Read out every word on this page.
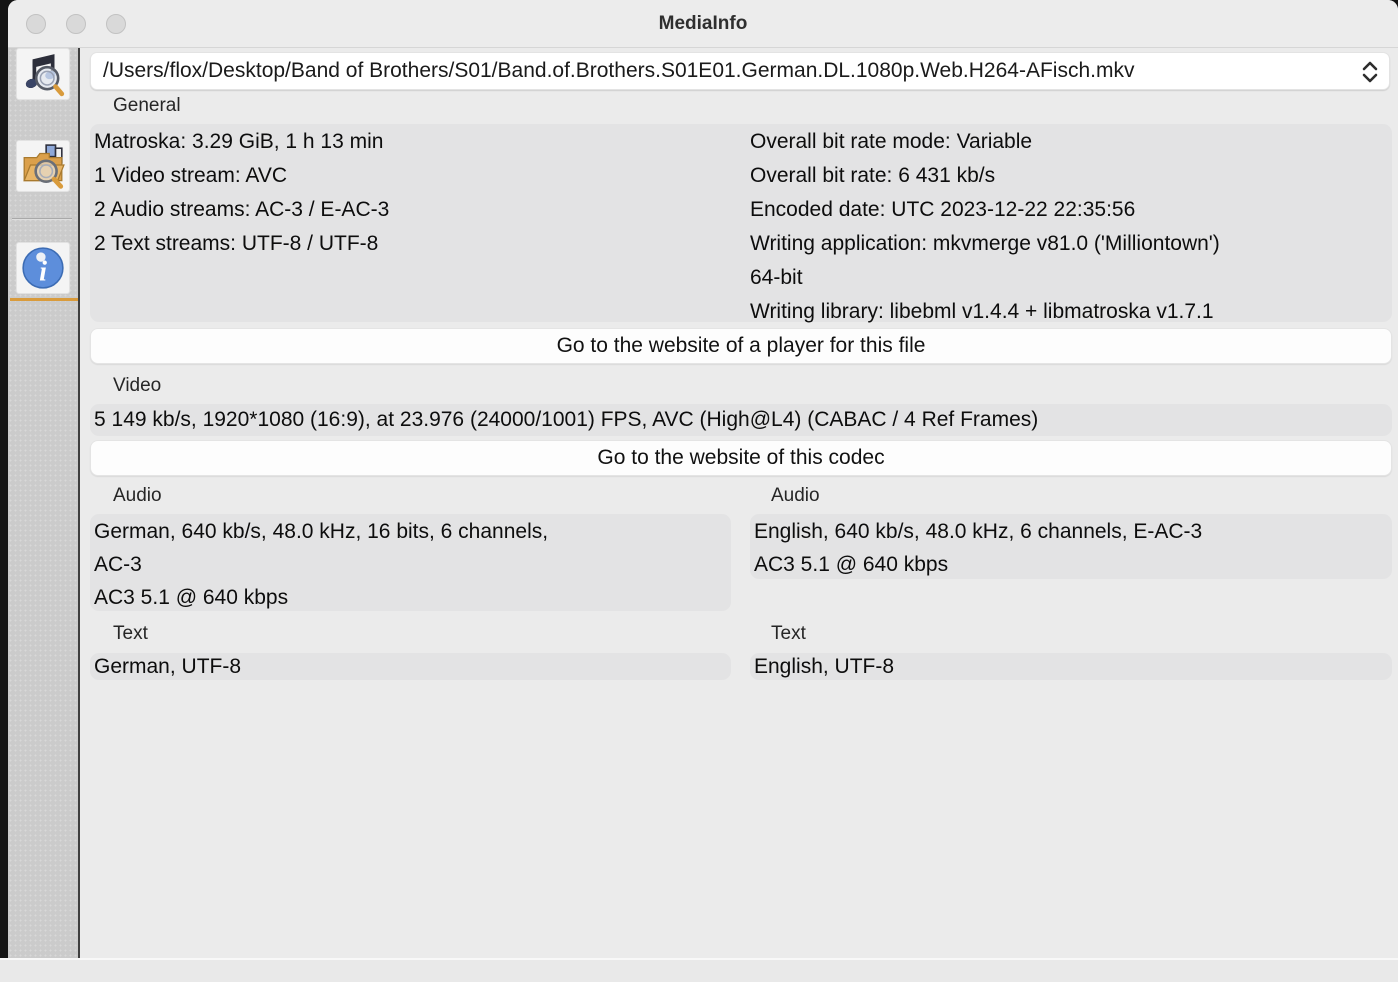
MediaInfo
i
/Users/flox/Desktop/Band of Brothers/S01/Band.of.Brothers.S01E01.German.DL.1080p.Web.H264-AFisch.mkv
General
Matroska: 3.29 GiB, 1 h 13 min
1 Video stream: AVC
2 Audio streams: AC-3 / E-AC-3
2 Text streams: UTF-8 / UTF-8
Overall bit rate mode: Variable
Overall bit rate: 6 431 kb/s
Encoded date: UTC 2023-12-22 22:35:56
Writing application: mkvmerge v81.0 ('Milliontown')
64-bit
Writing library: libebml v1.4.4 + libmatroska v1.7.1
Go to the website of a player for this file
Video
5 149 kb/s, 1920*1080 (16:9), at 23.976 (24000/1001) FPS, AVC (High@L4) (CABAC / 4 Ref Frames)
Go to the website of this codec
Audio
German, 640 kb/s, 48.0 kHz, 16 bits, 6 channels,
AC-3
AC3 5.1 @ 640 kbps
Audio
English, 640 kb/s, 48.0 kHz, 6 channels, E-AC-3
AC3 5.1 @ 640 kbps
Text
German, UTF-8
Text
English, UTF-8
